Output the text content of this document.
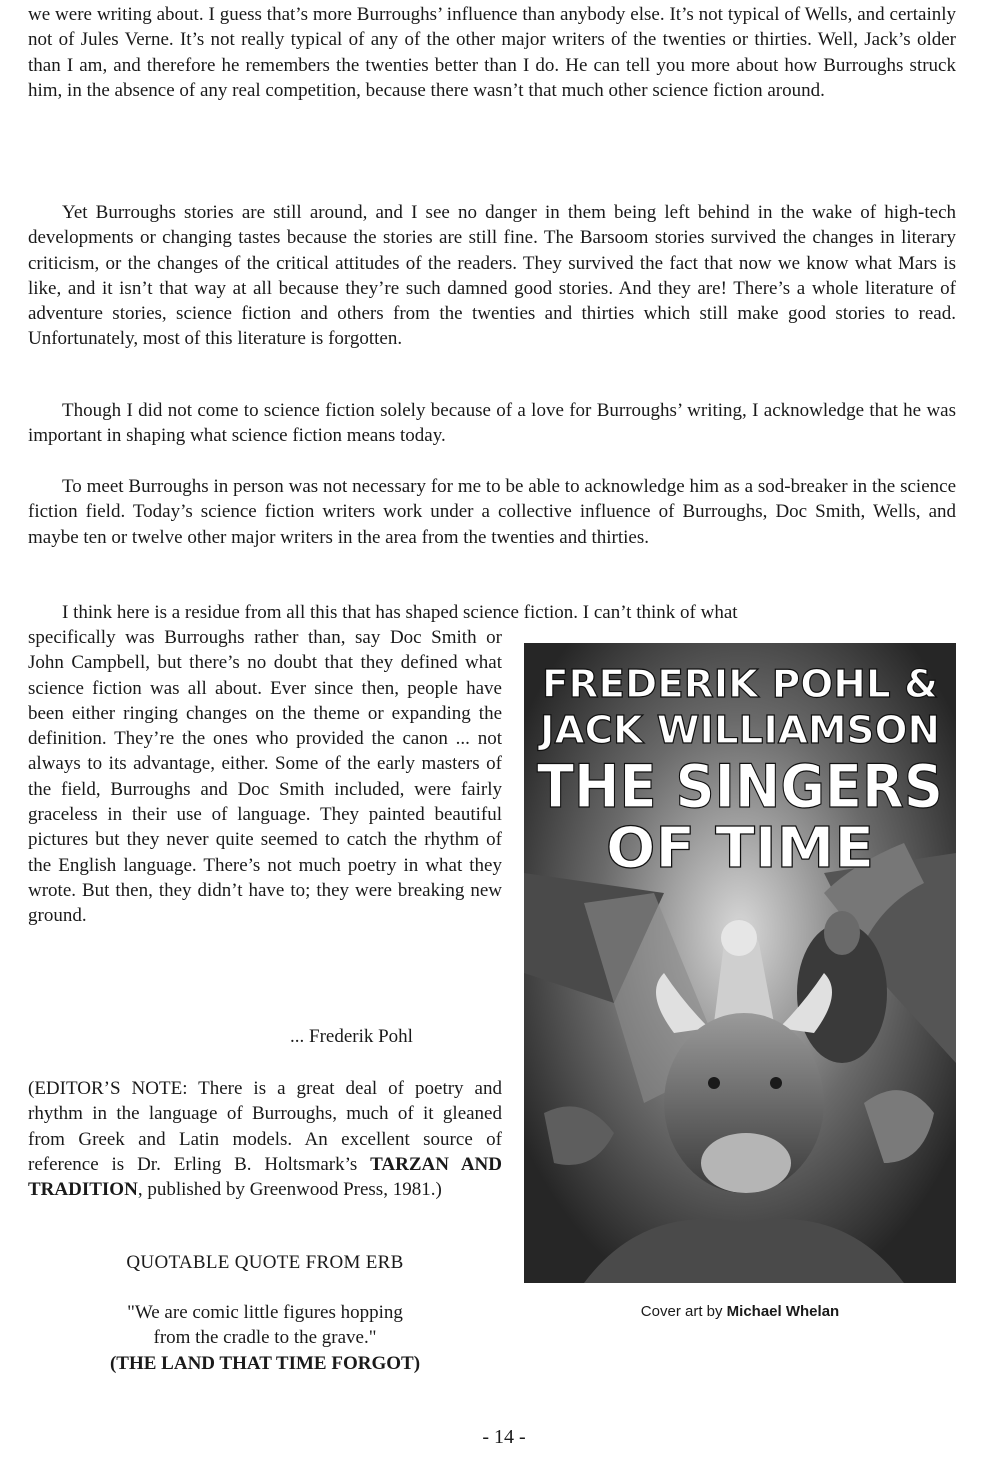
we were writing about. I guess that’s more Burroughs’ influence than anybody else. It’s not typical of Wells, and certainly not of Jules Verne. It’s not really typical of any of the other major writers of the twenties or thirties. Well, Jack’s older than I am, and therefore he remembers the twenties better than I do. He can tell you more about how Burroughs struck him, in the absence of any real competition, because there wasn’t that much other science fiction around.

Yet Burroughs stories are still around, and I see no danger in them being left behind in the wake of high-tech developments or changing tastes because the stories are still fine. The Barsoom stories survived the changes in literary criticism, or the changes of the critical attitudes of the readers. They survived the fact that now we know what Mars is like, and it isn’t that way at all because they’re such damned good stories. And they are! There’s a whole literature of adventure stories, science fiction and others from the twenties and thirties which still make good stories to read. Unfortunately, most of this literature is forgotten.

Though I did not come to science fiction solely because of a love for Burroughs’ writing, I acknowledge that he was important in shaping what science fiction means today.

To meet Burroughs in person was not necessary for me to be able to acknowledge him as a sod-breaker in the science fiction field. Today’s science fiction writers work under a collective influence of Burroughs, Doc Smith, Wells, and maybe ten or twelve other major writers in the area from the twenties and thirties.

I think here is a residue from all this that has shaped science fiction. I can’t think of what

specifically was Burroughs rather than, say Doc Smith or John Campbell, but there’s no doubt that they defined what science fiction was all about. Ever since then, people have been either ringing changes on the theme or expanding the definition. They’re the ones who provided the canon ... not always to its advantage, either. Some of the early masters of the field, Burroughs and Doc Smith included, were fairly graceless in their use of language. They painted beautiful pictures but they never quite seemed to catch the rhythm of the English language. There’s not much poetry in what they wrote. But then, they didn’t have to; they were breaking new ground.

... Frederik Pohl

(EDITOR’S NOTE: There is a great deal of poetry and rhythm in the language of Burroughs, much of it gleaned from Greek and Latin models. An excellent source of reference is Dr. Erling B. Holtsmark’s TARZAN AND TRADITION, published by Greenwood Press, 1981.)

QUOTABLE QUOTE FROM ERB
"We are comic little figures hopping
from the cradle to the grave."
(THE LAND THAT TIME FORGOT)
FREDERIK POHL &
JACK WILLIAMSON
THE SINGERS
OF TIME

Cover art by Michael Whelan

- 14 -
